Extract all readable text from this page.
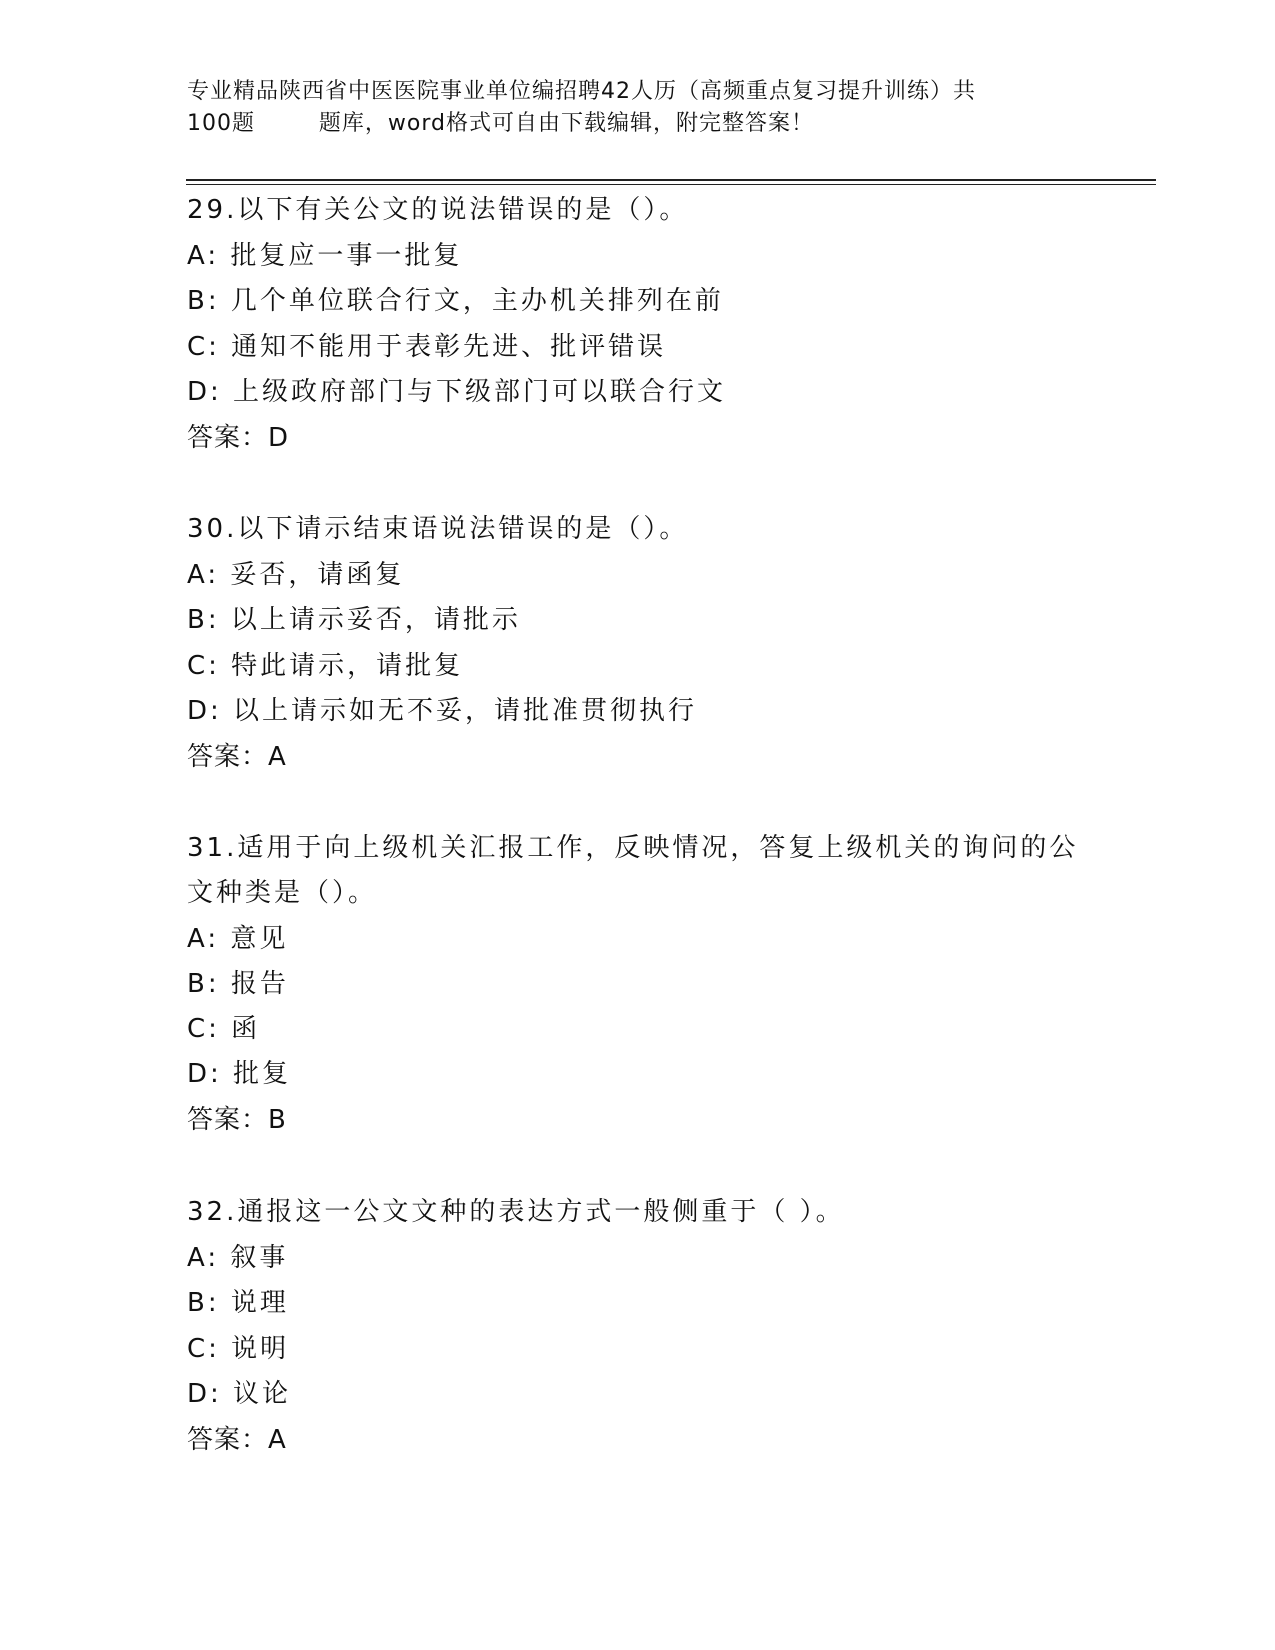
专业精品陕西省中医医院事业单位编招聘42人历（高频重点复习提升训练）共
100题        题库，word格式可自由下载编辑，附完整答案！
29.以下有关公文的说法错误的是（）。
A: 批复应一事一批复
B: 几个单位联合行文，主办机关排列在前
C: 通知不能用于表彰先进、批评错误
D: 上级政府部门与下级部门可以联合行文
答案：D
30.以下请示结束语说法错误的是（）。
A: 妥否，请函复
B: 以上请示妥否，请批示
C: 特此请示，请批复
D: 以上请示如无不妥，请批准贯彻执行
答案：A
31.适用于向上级机关汇报工作，反映情况，答复上级机关的询问的公
文种类是（）。
A: 意见
B: 报告
C: 函
D: 批复
答案：B
32.通报这一公文文种的表达方式一般侧重于（ ）。
A: 叙事
B: 说理
C: 说明
D: 议论
答案：A
